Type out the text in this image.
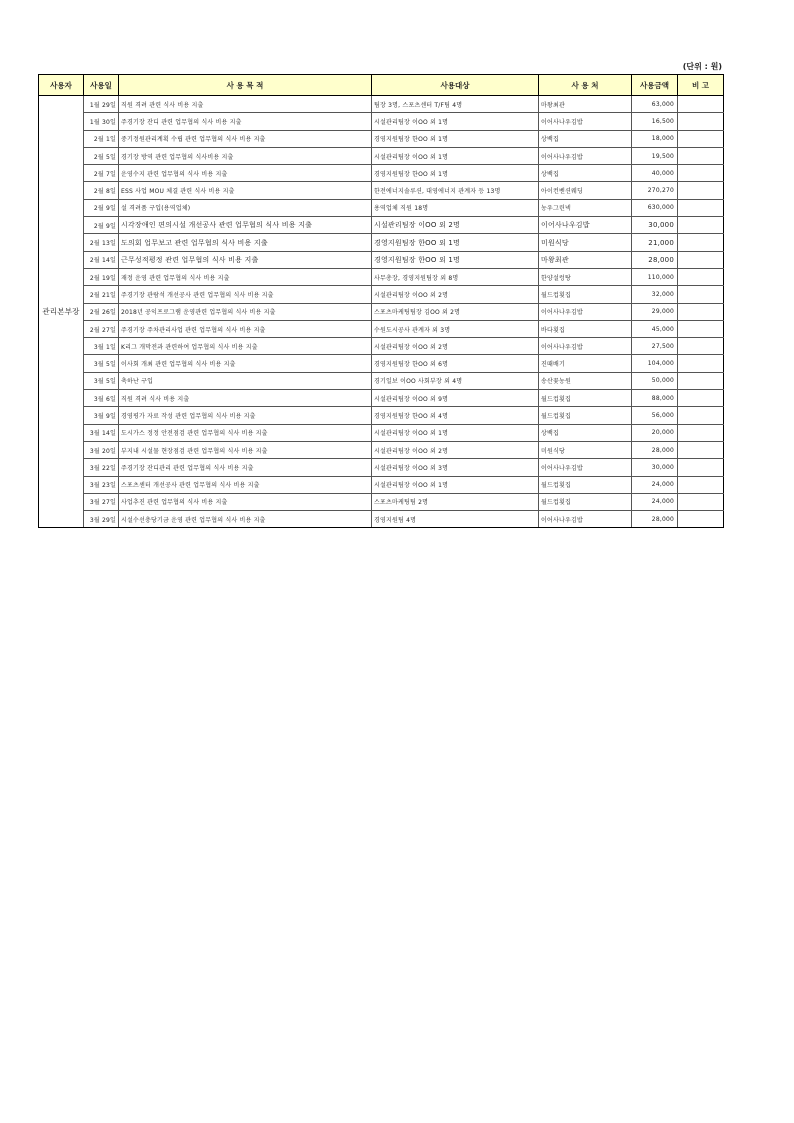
(단위 : 원)
사용자	사용일	사 용 목 적	사용대상	사 용 처	사용금액	비 고
관리본부장	1월 29일	직원 격려 관련 식사 비용 지출	팀장 3명, 스포츠센터 T/F팀 4명	마왕최관	63,000	
	1월 30일	주경기장 잔디 관련 업무협의 식사 비용 지출	시설관리팀장 이OO 외 1명	이어사나우김밥	16,500	
	2월 1일	중기정원관리계획 수립 관련 업무협의 식사 비용 지출	경영지원팀장 한OO 외 1명	상백집	18,000	
	2월 5일	경기장 방역 관련 업무협의 식사비용 지출	시설관리팀장 이OO 외 1명	이어사나우김밥	19,500	
	2월 7일	운영수지 관련 업무협의 식사 비용 지출	경영지원팀장 한OO 외 1명	상백집	40,000	
	2월 8일	ESS 사업 MOU 체결 관련 식사 비용 지출	한전에너지솔루션, 대영에너지 관계자 등 13명	아이컨벤션웨딩	270,270	
	2월 9일	설 격려품 구입(용역업체)	용역업체 직원 18명	농우그린넥	630,000	
	2월 9일	시각장애인 편의시설 개선공사 관련 업무협의 식사 비용 지출	시설관리팀장 이OO 외 2명	이어사나우김밥	30,000	
	2월 13일	도의회 업무보고 관련 업무협의 식사 비용 지출	경영지원팀장 한OO 외 1명	미원식당	21,000	
	2월 14일	근무성적평정 관련 업무협의 식사 비용 지출	경영지원팀장 한OO 외 1명	마왕최관	28,000	
	2월 19일	재정 운영 관련 업무협의 식사 비용 지출	사무총장, 경영지원팀장 외 8명	한양설렁탕	110,000	
	2월 21일	주경기장 관람석 개선공사 관련 업무협의 식사 비용 지출	시설관리팀장 이OO 외 2명	월드컵횟집	32,000	
	2월 26일	2018년 공익프로그램 운영관련 업무협의 식사 비용 지출	스포츠마케팅팀장 김OO 외 2명	이어사나우김밥	29,000	
	2월 27일	주경기장 주차관리사업 관련 업무협의 식사 비용 지출	수원도시공사 관계자 외 3명	바다횟집	45,000	
	3월 1일	K리그 개막전과 관련하여 업무협의 식사 비용 지출	시설관리팀장 이OO 외 2명	이어사나우김밥	27,500	
	3월 5일	이사회 개최 관련 업무협의 식사 비용 지출	경영지원팀장 한OO 외 6명	진때배기	104,000	
	3월 5일	축하난 구입	경기일보 이OO 사회부장 외 4명	송산꽃농원	50,000	
	3월 6일	직원 격려 식사 비용 지출	시설관리팀장 이OO 외 9명	월드컵횟집	88,000	
	3월 9일	경영평가 자료 작성 관련 업무협의 식사 비용 지출	경영지원팀장 한OO 외 4명	월드컵횟집	56,000	
	3월 14일	도시가스 정정 안전점검 관련 업무협의 식사 비용 지출	시설관리팀장 이OO 외 1명	상백집	20,000	
	3월 20일	부지내 시설물 현장점검 관련 업무협의 식사 비용 지출	시설관리팀장 이OO 외 2명	미원식당	28,000	
	3월 22일	주경기장 잔디관리 관련 업무협의 식사 비용 지출	시설관리팀장 이OO 외 3명	이어사나우김밥	30,000	
	3월 23일	스포츠센터 개선공사 관련 업무협의 식사 비용 지출	시설관리팀장 이OO 외 1명	월드컵횟집	24,000	
	3월 27일	사업추진 관련 업무협의 식사 비용 지출	스포츠마케팅팀 2명	월드컵횟집	24,000	
	3월 29일	시설수선충당기금 운영 관련 업무협의 식사 비용 지출	경영지원팀 4명	이어사나우김밥	28,000	
